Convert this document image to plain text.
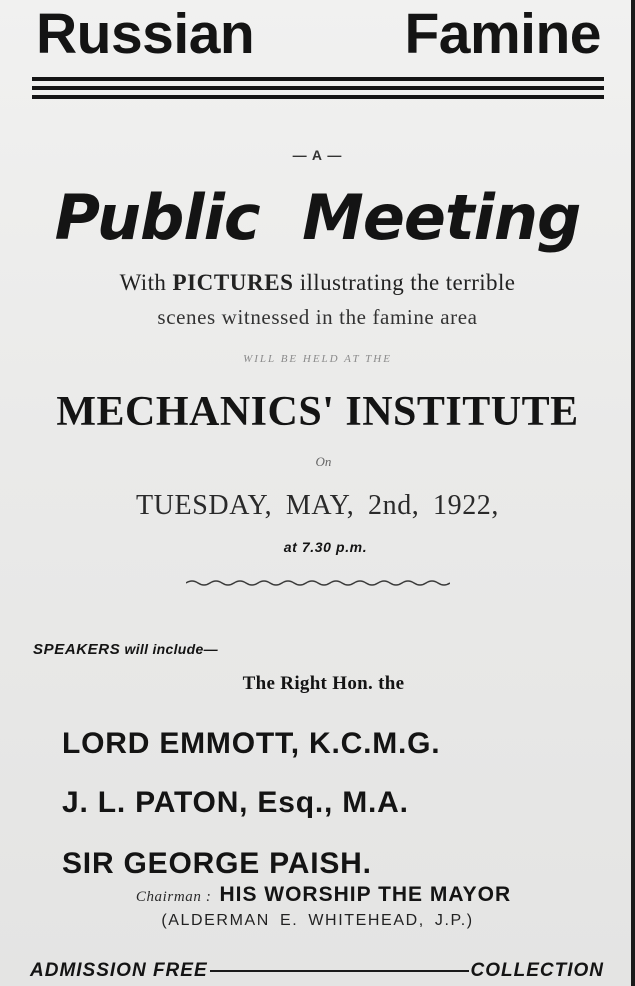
Russian	Famine

— A —

Public Meeting

With PICTURES illustrating the terrible

scenes witnessed in the famine area

WILL BE HELD AT THE

MECHANICS' INSTITUTE

On

TUESDAY, MAY, 2nd, 1922,

at 7.30 p.m.

SPEAKERS will include—

The Right Hon. the

LORD EMMOTT, K.C.M.G.

J. L. PATON, Esq., M.A.

SIR GEORGE PAISH.

Chairman : HIS WORSHIP THE MAYOR

(ALDERMAN E. WHITEHEAD, J.P.)

ADMISSION FREE	COLLECTION
